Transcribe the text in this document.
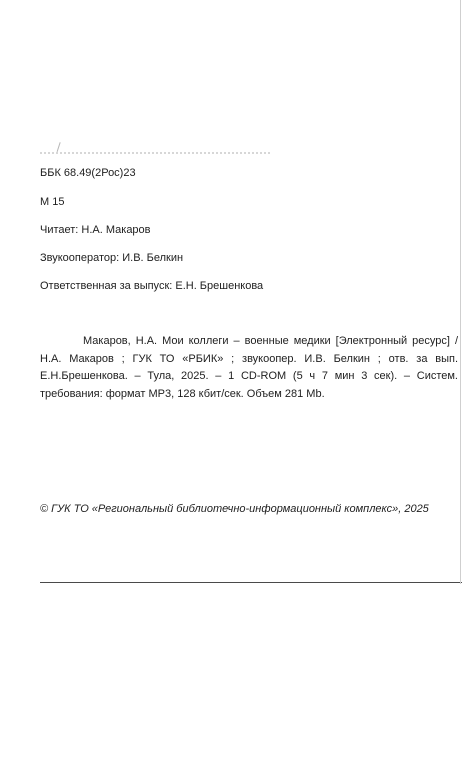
ББК 68.49(2Рос)23
М 15
Читает: Н.А. Макаров
Звукооператор: И.В. Белкин
Ответственная за выпуск: Е.Н. Брешенкова
Макаров, Н.А. Мои коллеги – военные медики [Электронный ресурс] / Н.А. Макаров ; ГУК ТО «РБИК» ; звукоопер. И.В. Белкин ; отв. за вып. Е.Н.Брешенкова. – Тула, 2025. – 1 CD-ROM (5 ч 7 мин 3 сек). – Систем. требования: формат MP3, 128 кбит/сек. Объем 281 Mb.
© ГУК ТО «Региональный библиотечно-информационный комплекс», 2025
